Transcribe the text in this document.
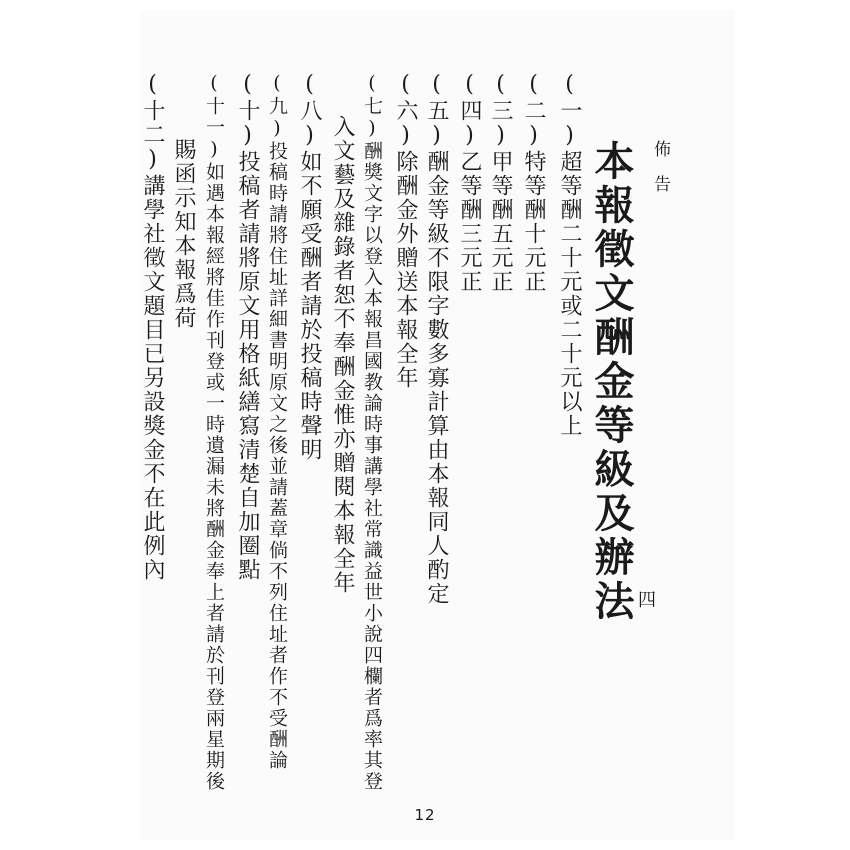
佈告
四
本報徵文酬金等級及辦法
(一)超等酬二十元或二十元以上
(二)特等酬十元正
(三)甲等酬五元正
(四)乙等酬三元正
(五)酬金等級不限字數多寡計算由本報同人酌定
(六)除酬金外贈送本報全年
(七)酬獎文字以登入本報昌國教論時事講學社常識益世小說四欄者爲率其登
入文藝及雜錄者恕不奉酬金惟亦贈閱本報全年
(八)如不願受酬者請於投稿時聲明
(九)投稿時請將住址詳細書明原文之後並請蓋章倘不列住址者作不受酬論
(十)投稿者請將原文用格紙繕寫清楚自加圈點
(十一)如遇本報經將佳作刊登或一時遺漏未將酬金奉上者請於刊登兩星期後
賜函示知本報爲荷
(十二)講學社徵文題目已另設獎金不在此例內
12
